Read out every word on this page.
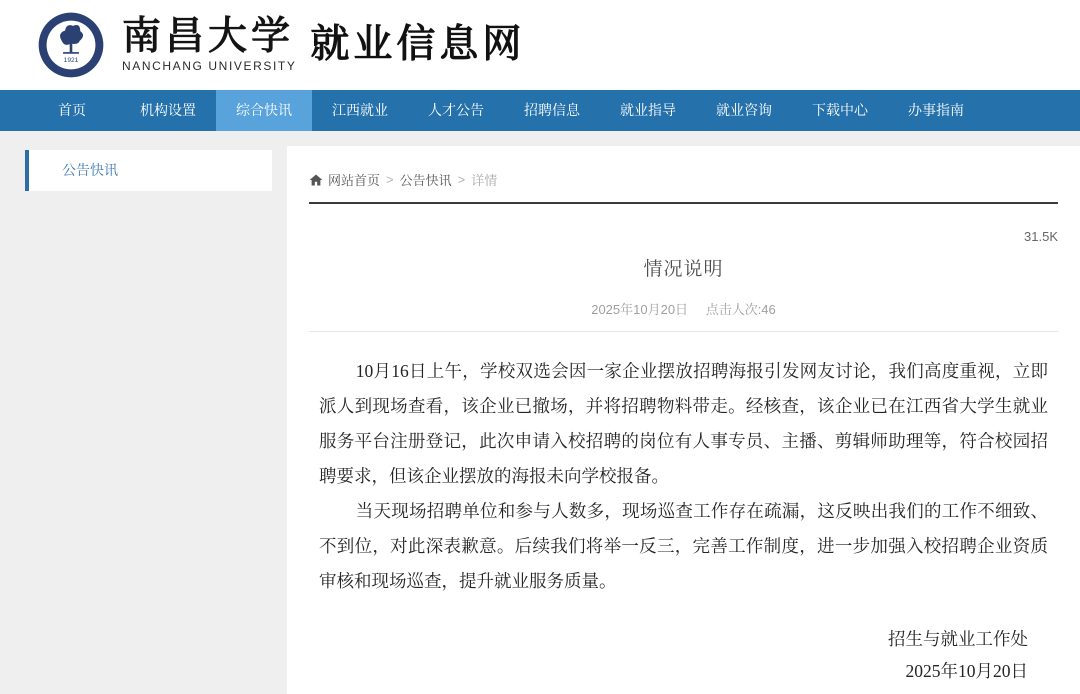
1921
南昌大学
NANCHANG UNIVERSITY 就业信息网
首页	机构设置	综合快讯	江西就业	人才公告	招聘信息	就业指导	就业咨询	下载中心	办事指南
公告快讯
网站首页 > 公告快讯 > 详情
31.5K
情况说明
2025年10月20日 点击人次:46

10月16日上午，学校双选会因一家企业摆放招聘海报引发网友讨论，我们高度重视，立即派人到现场查看，该企业已撤场，并将招聘物料带走。经核查，该企业已在江西省大学生就业服务平台注册登记，此次申请入校招聘的岗位有人事专员、主播、剪辑师助理等，符合校园招聘要求，但该企业摆放的海报未向学校报备。

当天现场招聘单位和参与人数多，现场巡查工作存在疏漏，这反映出我们的工作不细致、不到位，对此深表歉意。后续我们将举一反三，完善工作制度，进一步加强入校招聘企业资质审核和现场巡查，提升就业服务质量。

招生与就业工作处
2025年10月20日
